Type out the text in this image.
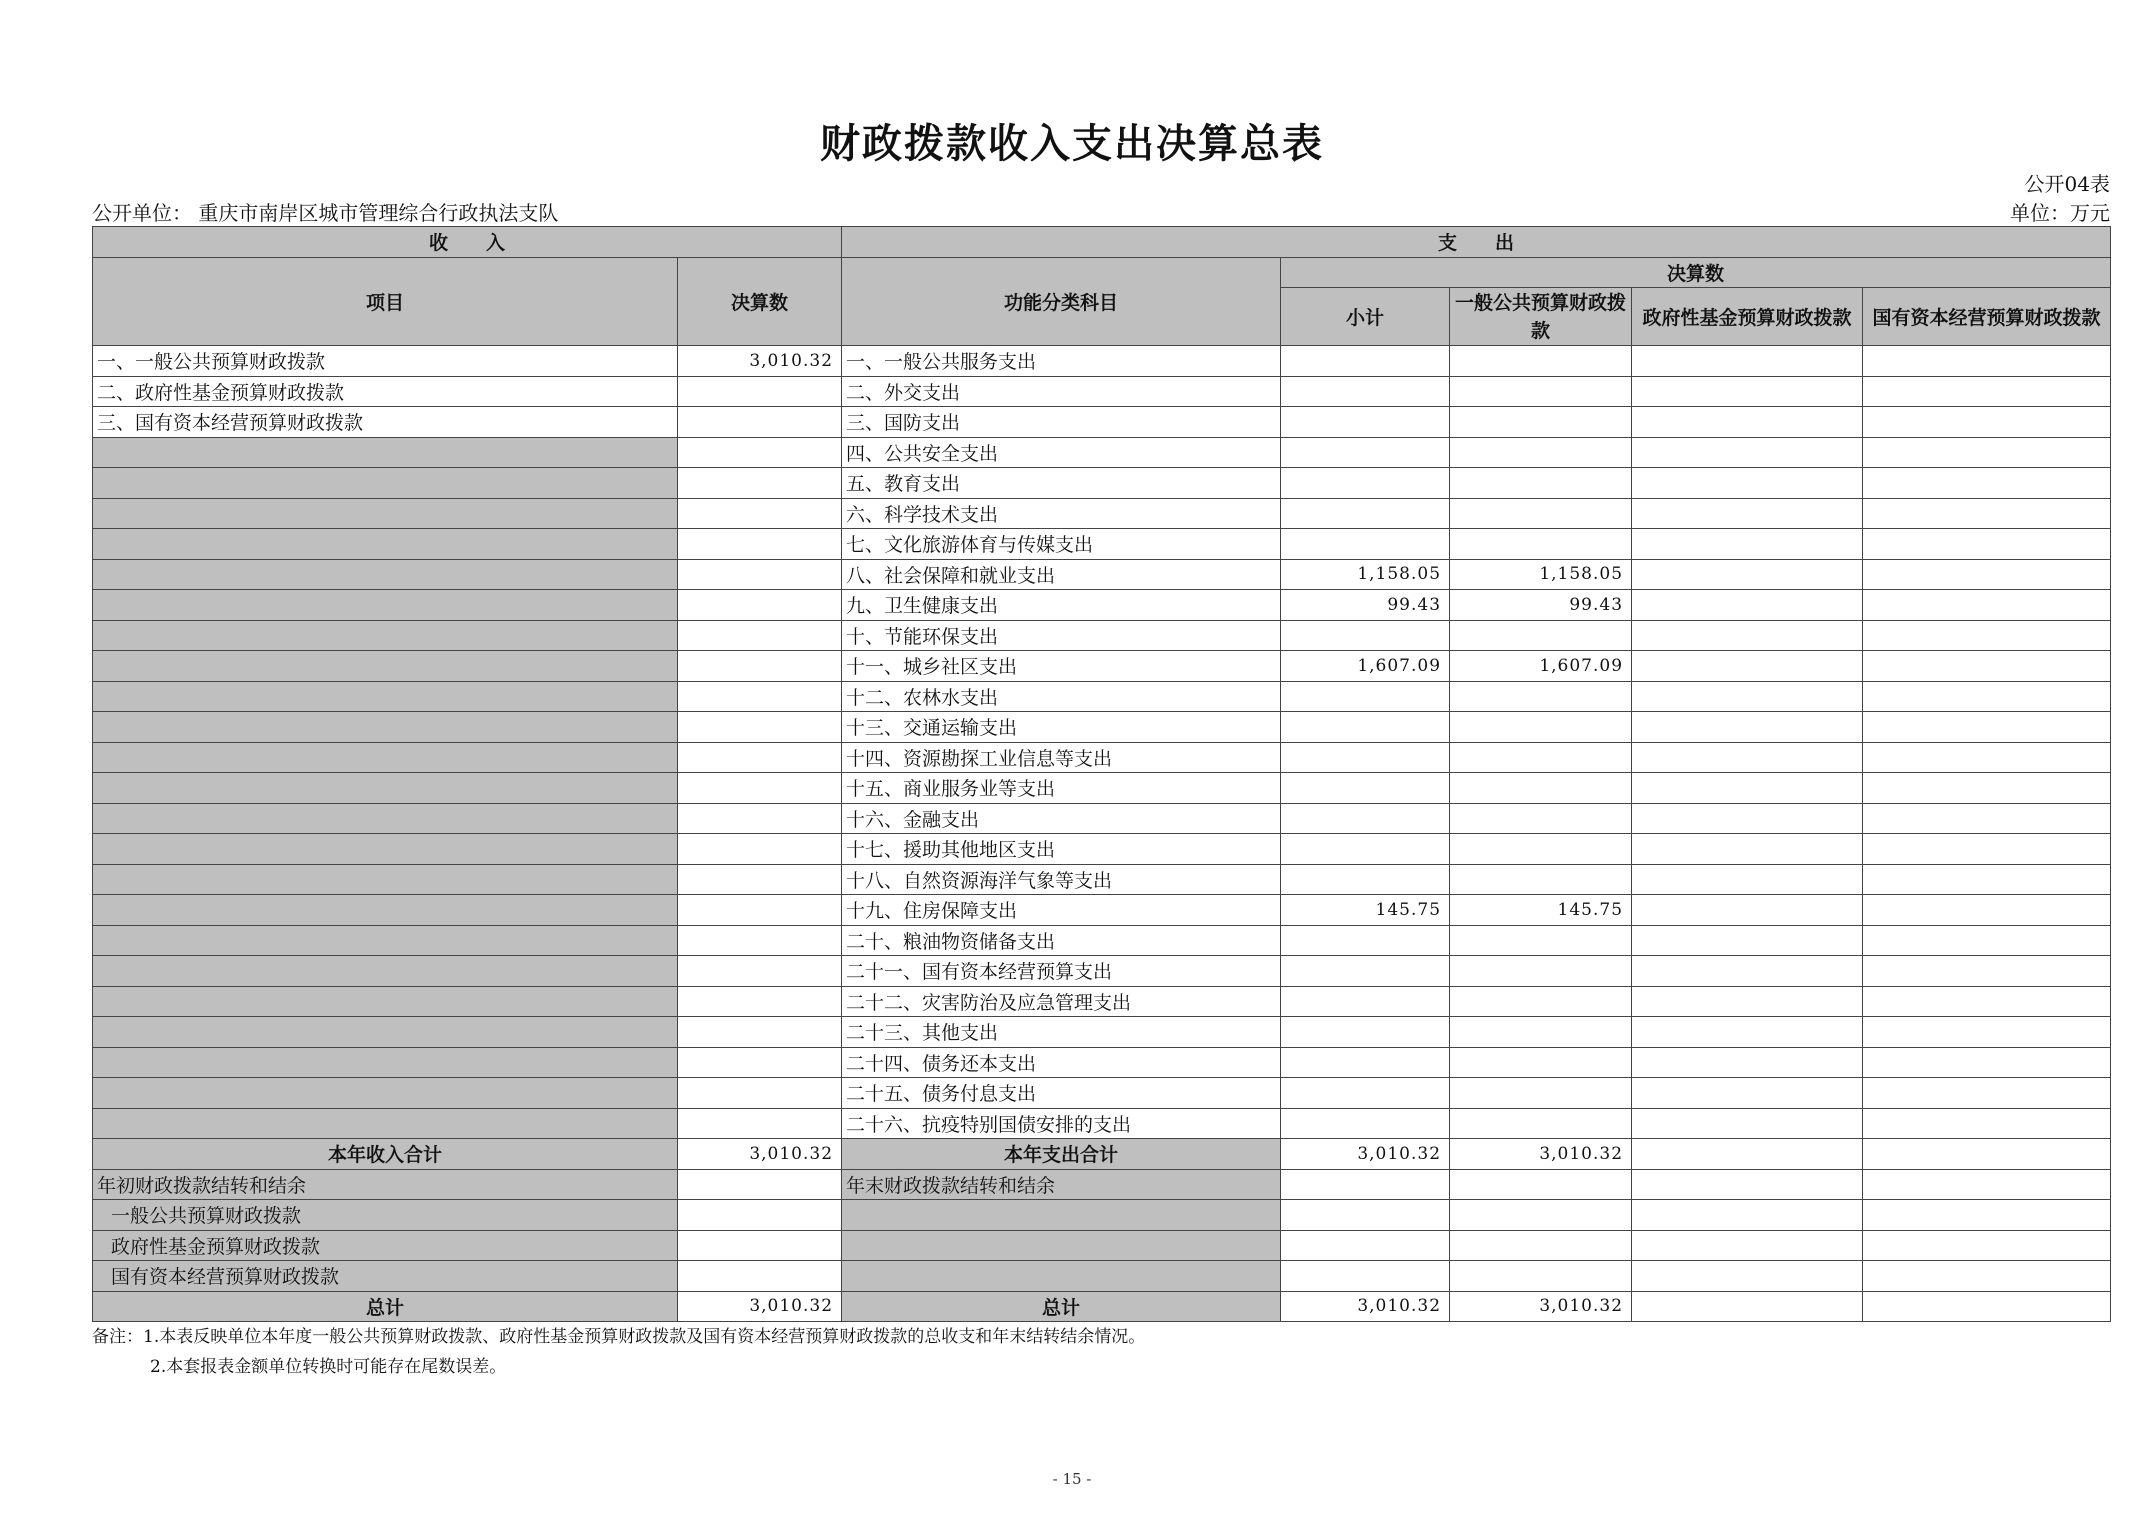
财政拨款收入支出决算总表
公开04表
公开单位： 重庆市南岸区城市管理综合行政执法支队	单位：万元
收　　入		支　　出				
项目	决算数	功能分类科目	决算数			
			小计	一般公共预算财政拨款	政府性基金预算财政拨款	国有资本经营预算财政拨款
一、一般公共预算财政拨款	3,010.32	一、一般公共服务支出				
二、政府性基金预算财政拨款		二、外交支出				
三、国有资本经营预算财政拨款		三、国防支出				
		四、公共安全支出				
		五、教育支出				
		六、科学技术支出				
		七、文化旅游体育与传媒支出				
		八、社会保障和就业支出	1,158.05	1,158.05		
		九、卫生健康支出	99.43	99.43		
		十、节能环保支出				
		十一、城乡社区支出	1,607.09	1,607.09		
		十二、农林水支出				
		十三、交通运输支出				
		十四、资源勘探工业信息等支出				
		十五、商业服务业等支出				
		十六、金融支出				
		十七、援助其他地区支出				
		十八、自然资源海洋气象等支出				
		十九、住房保障支出	145.75	145.75		
		二十、粮油物资储备支出				
		二十一、国有资本经营预算支出				
		二十二、灾害防治及应急管理支出				
		二十三、其他支出				
		二十四、债务还本支出				
		二十五、债务付息支出				
		二十六、抗疫特别国债安排的支出				
本年收入合计	3,010.32	本年支出合计	3,010.32	3,010.32		
年初财政拨款结转和结余		年末财政拨款结转和结余				
一般公共预算财政拨款						
政府性基金预算财政拨款						
国有资本经营预算财政拨款						
总计	3,010.32	总计	3,010.32	3,010.32		
备注：1.本表反映单位本年度一般公共预算财政拨款、政府性基金预算财政拨款及国有资本经营预算财政拨款的总收支和年末结转结余情况。
2.本套报表金额单位转换时可能存在尾数误差。
- 15 -
